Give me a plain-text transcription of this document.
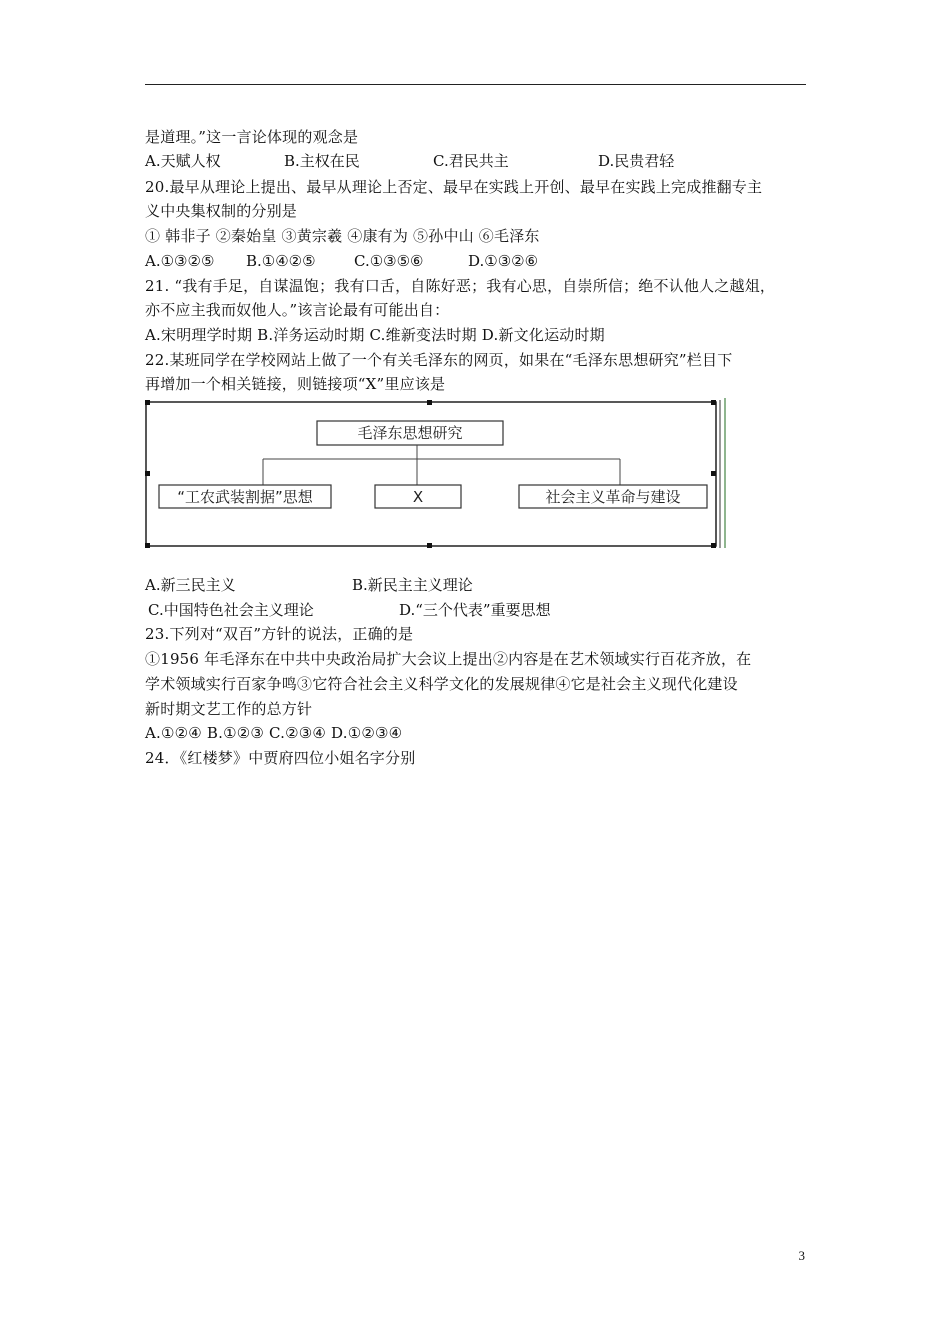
是道理。”这一言论体现的观念是
A.天赋人权	B.主权在民	C.君民共主	D.民贵君轻
20.最早从理论上提出、最早从理论上否定、最早在实践上开创、最早在实践上完成推翻专主
义中央集权制的分别是
① 韩非子 ②秦始皇 ③黄宗羲 ④康有为 ⑤孙中山 ⑥毛泽东
A.①③②⑤ B.①④②⑤	C.①③⑤⑥	D.①③②⑥
21. “我有手足，自谋温饱；我有口舌，自陈好恶；我有心思，自崇所信；绝不认他人之越俎，
亦不应主我而奴他人。”该言论最有可能出自：
A.宋明理学时期 B.洋务运动时期 C.维新变法时期 D.新文化运动时期
22.某班同学在学校网站上做了一个有关毛泽东的网页，如果在“毛泽东思想研究”栏目下
再增加一个相关链接，则链接项“X”里应该是
毛泽东思想研究
“工农武装割据”思想	X	社会主义革命与建设
A.新三民主义	B.新民主主义理论
C.中国特色社会主义理论	D.“三个代表”重要思想
23.下列对“双百”方针的说法，正确的是
①1956 年毛泽东在中共中央政治局扩大会议上提出②内容是在艺术领域实行百花齐放，在
学术领域实行百家争鸣③它符合社会主义科学文化的发展规律④它是社会主义现代化建设
新时期文艺工作的总方针
A.①②④ B.①②③ C.②③④ D.①②③④
24．《红楼梦》中贾府四位小姐名字分别
3
